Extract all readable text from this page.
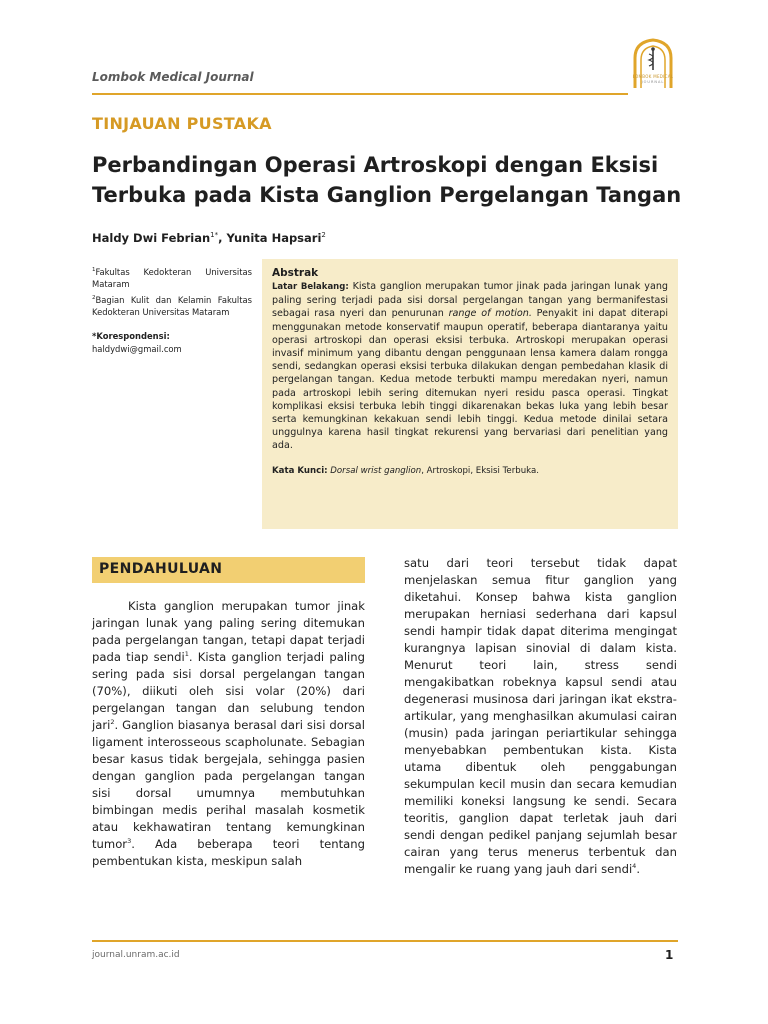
Lombok Medical Journal	LOMBOK MEDICAL
JOURNAL
TINJAUAN PUSTAKA
Perbandingan Operasi Artroskopi dengan Eksisi Terbuka pada Kista Ganglion Pergelangan Tangan
Haldy Dwi Febrian$^{1*}$, Yunita Hapsari$^2$

$^1$Fakultas Kedokteran Universitas Mataram

$^2$Bagian Kulit dan Kelamin Fakultas Kedokteran Universitas Mataram

*Korespondensi:
haldydwi@gmail.com
Abstrak

Latar Belakang: Kista ganglion merupakan tumor jinak pada jaringan lunak yang paling sering terjadi pada sisi dorsal pergelangan tangan yang bermanifestasi sebagai rasa nyeri dan penurunan range of motion. Penyakit ini dapat diterapi menggunakan metode konservatif maupun operatif, beberapa diantaranya yaitu operasi artroskopi dan operasi eksisi terbuka. Artroskopi merupakan operasi invasif minimum yang dibantu dengan penggunaan lensa kamera dalam rongga sendi, sedangkan operasi eksisi terbuka dilakukan dengan pembedahan klasik di pergelangan tangan. Kedua metode terbukti mampu meredakan nyeri, namun pada artroskopi lebih sering ditemukan nyeri residu pasca operasi. Tingkat komplikasi eksisi terbuka lebih tinggi dikarenakan bekas luka yang lebih besar serta kemungkinan kekakuan sendi lebih tinggi. Kedua metode dinilai setara unggulnya karena hasil tingkat rekurensi yang bervariasi dari penelitian yang ada.

Kata Kunci: Dorsal wrist ganglion, Artroskopi, Eksisi Terbuka.
PENDAHULUAN

Kista ganglion merupakan tumor jinak jaringan lunak yang paling sering ditemukan pada pergelangan tangan, tetapi dapat terjadi pada tiap sendi$^1$. Kista ganglion terjadi paling sering pada sisi dorsal pergelangan tangan (70%), diikuti oleh sisi volar (20%) dari pergelangan tangan dan selubung tendon jari$^2$. Ganglion biasanya berasal dari sisi dorsal ligament interosseous scapholunate. Sebagian besar kasus tidak bergejala, sehingga pasien dengan ganglion pada pergelangan tangan sisi dorsal umumnya membutuhkan bimbingan medis perihal masalah kosmetik atau kekhawatiran tentang kemungkinan tumor$^3$. Ada beberapa teori tentang pembentukan kista, meskipun salah

satu dari teori tersebut tidak dapat menjelaskan semua fitur ganglion yang diketahui. Konsep bahwa kista ganglion merupakan herniasi sederhana dari kapsul sendi hampir tidak dapat diterima mengingat kurangnya lapisan sinovial di dalam kista. Menurut teori lain, stress sendi mengakibatkan robeknya kapsul sendi atau degenerasi musinosa dari jaringan ikat ekstra-artikular, yang menghasilkan akumulasi cairan (musin) pada jaringan periartikular sehingga menyebabkan pembentukan kista. Kista utama dibentuk oleh penggabungan sekumpulan kecil musin dan secara kemudian memiliki koneksi langsung ke sendi. Secara teoritis, ganglion dapat terletak jauh dari sendi dengan pedikel panjang sejumlah besar cairan yang terus menerus terbentuk dan mengalir ke ruang yang jauh dari sendi$^4$.

journal.unram.ac.id	1
